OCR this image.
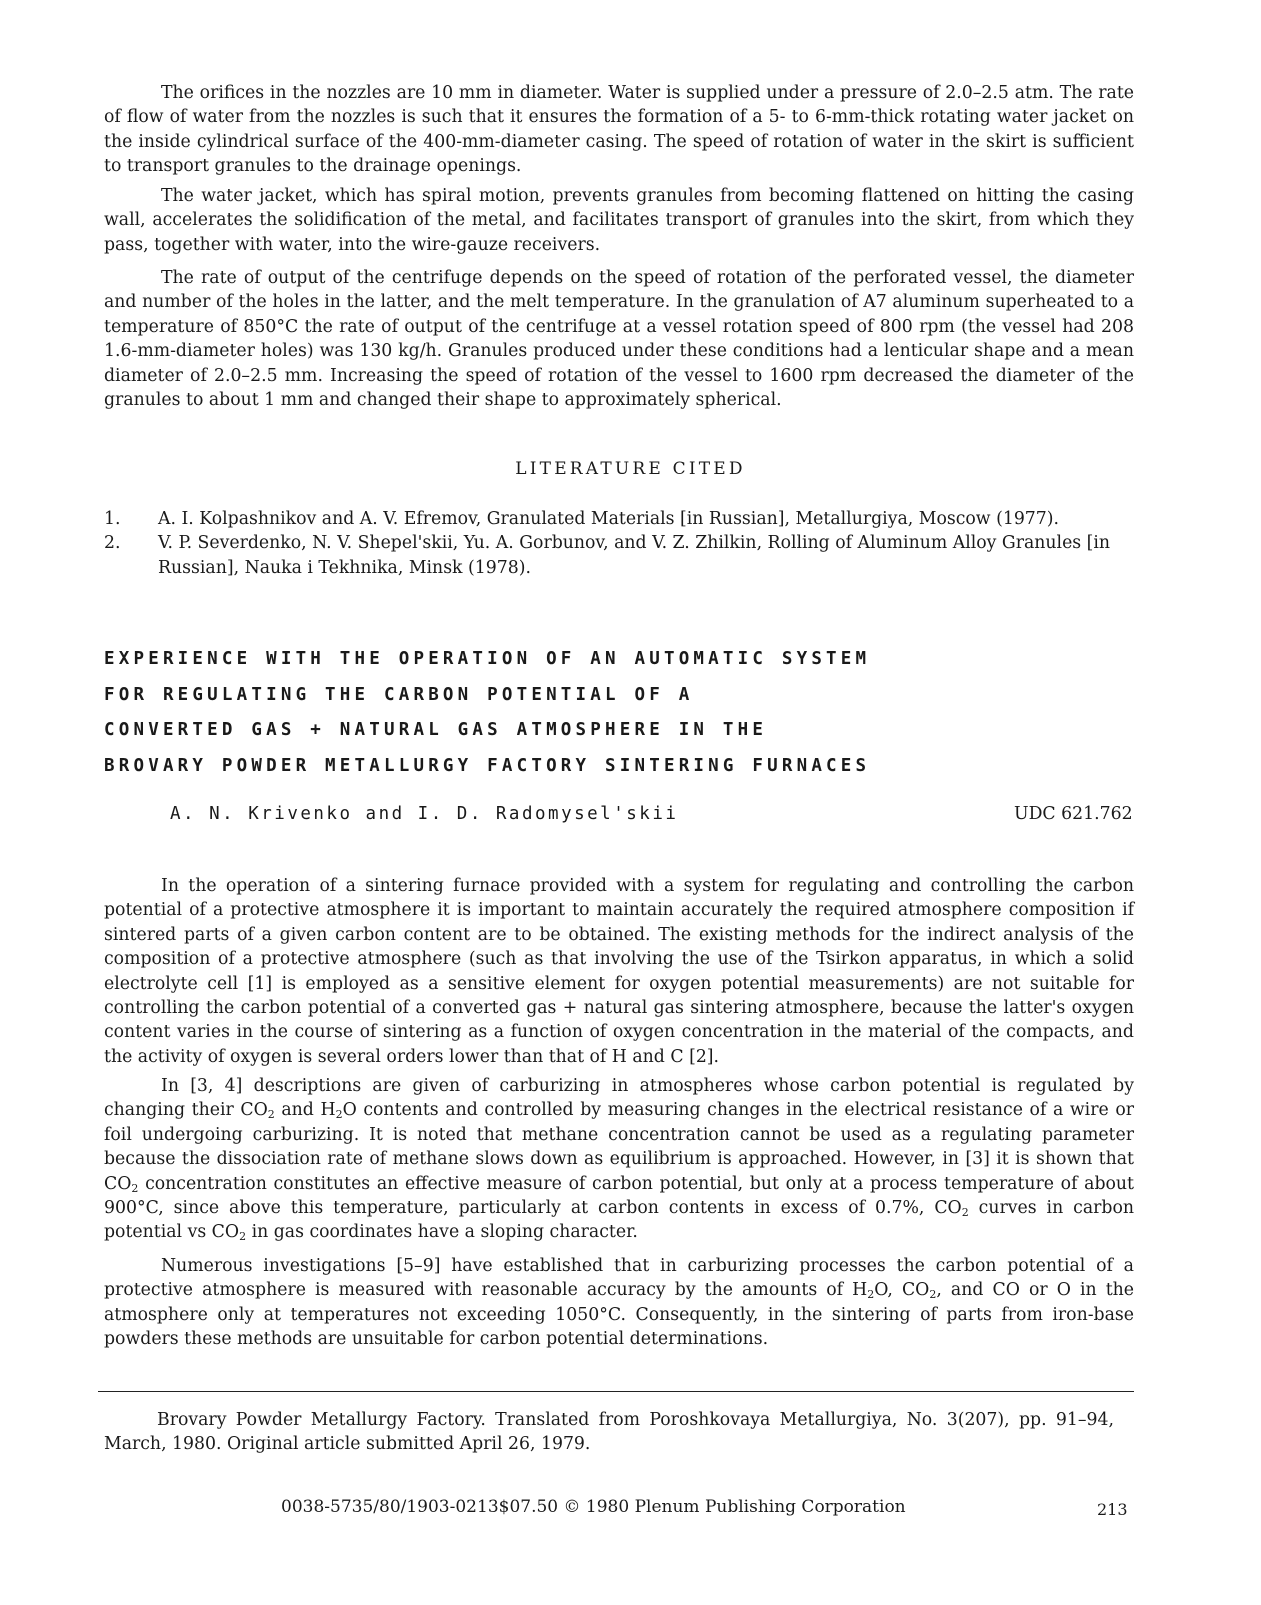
The orifices in the nozzles are 10 mm in diameter. Water is supplied under a pressure of 2.0–2.5 atm. The rate of flow of water from the nozzles is such that it ensures the formation of a 5- to 6-mm-thick rotating water jacket on the inside cylindrical surface of the 400-mm-diameter casing. The speed of rotation of water in the skirt is sufficient to transport granules to the drainage openings.

The water jacket, which has spiral motion, prevents granules from becoming flattened on hitting the casing wall, accelerates the solidification of the metal, and facilitates transport of granules into the skirt, from which they pass, together with water, into the wire-gauze receivers.

The rate of output of the centrifuge depends on the speed of rotation of the perforated vessel, the diameter and number of the holes in the latter, and the melt temperature. In the granulation of A7 aluminum superheated to a temperature of 850°C the rate of output of the centrifuge at a vessel rotation speed of 800 rpm (the vessel had 208 1.6-mm-diameter holes) was 130 kg/h. Granules produced under these conditions had a lenticular shape and a mean diameter of 2.0–2.5 mm. Increasing the speed of rotation of the vessel to 1600 rpm decreased the diameter of the granules to about 1 mm and changed their shape to approximately spherical.

LITERATURE CITED

1. A. I. Kolpashnikov and A. V. Efremov, Granulated Materials [in Russian], Metallurgiya, Moscow (1977).
2. V. P. Severdenko, N. V. Shepel'skii, Yu. A. Gorbunov, and V. Z. Zhilkin, Rolling of Aluminum Alloy Granules [in Russian], Nauka i Tekhnika, Minsk (1978).
EXPERIENCE WITH THE OPERATION OF AN AUTOMATIC SYSTEM
FOR REGULATING THE CARBON POTENTIAL OF A
CONVERTED GAS + NATURAL GAS ATMOSPHERE IN THE
BROVARY POWDER METALLURGY FACTORY SINTERING FURNACES

A. N. Krivenko and I. D. Radomysel'skii	UDC 621.762

In the operation of a sintering furnace provided with a system for regulating and controlling the carbon potential of a protective atmosphere it is important to maintain accurately the required atmosphere composition if sintered parts of a given carbon content are to be obtained. The existing methods for the indirect analysis of the composition of a protective atmosphere (such as that involving the use of the Tsirkon apparatus, in which a solid electrolyte cell [1] is employed as a sensitive element for oxygen potential measurements) are not suitable for controlling the carbon potential of a converted gas + natural gas sintering atmosphere, because the latter's oxygen content varies in the course of sintering as a function of oxygen concentration in the material of the compacts, and the activity of oxygen is several orders lower than that of H and C [2].

In [3, 4] descriptions are given of carburizing in atmospheres whose carbon potential is regulated by changing their $CO_2$ and $H_2O$ contents and controlled by measuring changes in the electrical resistance of a wire or foil undergoing carburizing. It is noted that methane concentration cannot be used as a regulating parameter because the dissociation rate of methane slows down as equilibrium is approached. However, in [3] it is shown that $CO_2$ concentration constitutes an effective measure of carbon potential, but only at a process temperature of about 900°C, since above this temperature, particularly at carbon contents in excess of 0.7%, $CO_2$ curves in carbon potential vs $CO_2$ in gas coordinates have a sloping character.

Numerous investigations [5–9] have established that in carburizing processes the carbon potential of a protective atmosphere is measured with reasonable accuracy by the amounts of $H_2O$, $CO_2$, and CO or O in the atmosphere only at temperatures not exceeding 1050°C. Consequently, in the sintering of parts from iron-base powders these methods are unsuitable for carbon potential determinations.

Brovary Powder Metallurgy Factory. Translated from Poroshkovaya Metallurgiya, No. 3(207), pp. 91–94, March, 1980. Original article submitted April 26, 1979.

0038-5735/80/1903-0213$07.50 © 1980 Plenum Publishing Corporation	213
